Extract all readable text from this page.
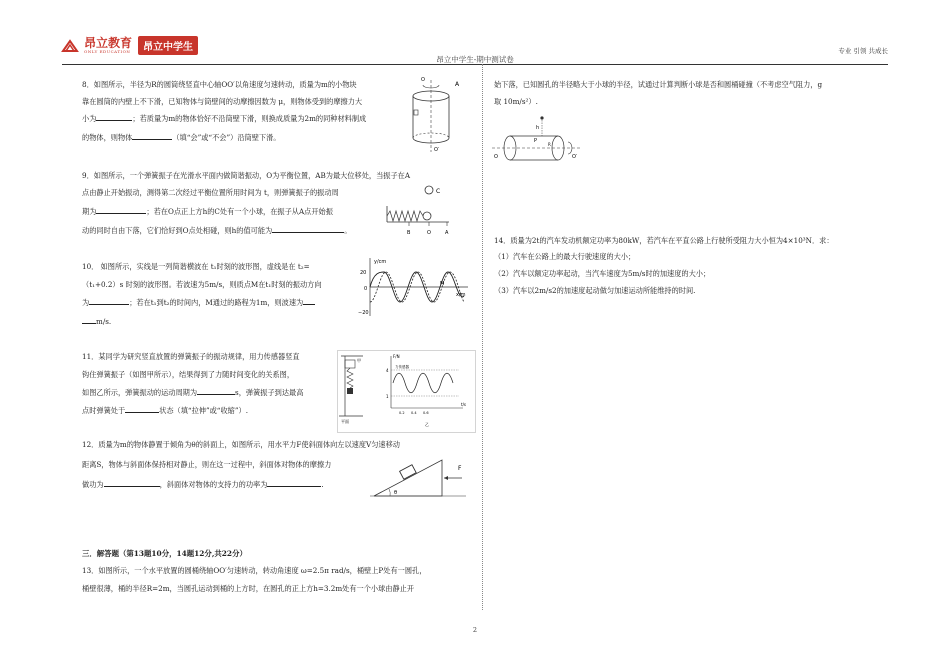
昂立教育
ONLY EDUCATION	昂立中学生
昂立中学生-期中测试卷
专业 引领 共成长
8．如图所示，半径为R的圆筒绕竖直中心轴OO′以角速度匀速转动，质量为m的小物块
靠在圆筒的内壁上不下滑，已知物体与筒壁间的动摩擦因数为 μ，则物体受到的摩擦力大
小为	；若质量为m的物体恰好不沿筒壁下滑，则换成质量为2m的同种材料制成
的物体，则物体	（填“会”或“不会”）沿筒壁下滑。
A
O
O′
9．如图所示，一个弹簧振子在光滑水平面内做简谐振动，O为平衡位置，AB为最大位移处，当振子在A
点由静止开始振动，测得第二次经过平衡位置所用时间为 t，则弹簧振子的振动周
期为	；若在O点正上方h的C处有一个小球，在振子从A点开始振
动的同时自由下落，它们恰好到O点处相碰，则h的值可能为	。
C
B	O	A
10． 如图所示，实线是一列简谐横波在 t₁时刻的波形图，虚线是在 t₂=
（t₁+0.2）s 时刻的波形图。若波速为5m/s，则质点M在t₁时刻的振动方向
为	；若在t₁到t₂的时间内，M通过的路程为1m，则波速为
m/s.
y/cm
20
0
−20
M
x/m
11．某同学为研究竖直放置的弹簧振子的振动规律，用力传感器竖直
钩住弹簧振子（如图甲所示），结果得到了力随时间变化的关系图，
如图乙所示，弹簧振动的运动周期为	s，弹簧振子到达最高
点时弹簧处于	状态（填“拉伸”或“收缩”）.
平面
甲
F/N
力传感器
4
1
0.2 0.4 0.6
t/s
乙
12．质量为m的物体静置于倾角为θ的斜面上，如图所示，用水平力F使斜面体向左以速度V匀速移动
距离S，物体与斜面体保持相对静止，则在这一过程中，斜面体对物体的摩擦力
做功为	，斜面体对物体的支持力的功率为	.
F
θ
三．解答题（第13题10分，14题12分,共22分）
13．如图所示，一个水平放置的圆桶绕轴OO′匀速转动，转动角速度 ω=2.5π rad/s，桶壁上P处有一圆孔，
桶壁很薄，桶的半径R=2m，当圆孔运动到桶的上方时，在圆孔的正上方h=3.2m处有一个小球由静止开
始下落，已知圆孔的半径略大于小球的半径，试通过计算判断小球是否和圆桶碰撞（不考虑空气阻力，g
取 10m/s²）.
h
P
R
O	O′
14．质量为2t的汽车发动机额定功率为80kW，若汽车在平直公路上行驶所受阻力大小恒为4×10³N．求：
（1）汽车在公路上的最大行驶速度的大小；
（2）汽车以额定功率起动，当汽车速度为5m/s时的加速度的大小；
（3）汽车以2m/s2的加速度起动做匀加速运动所能维持的时间.
2
